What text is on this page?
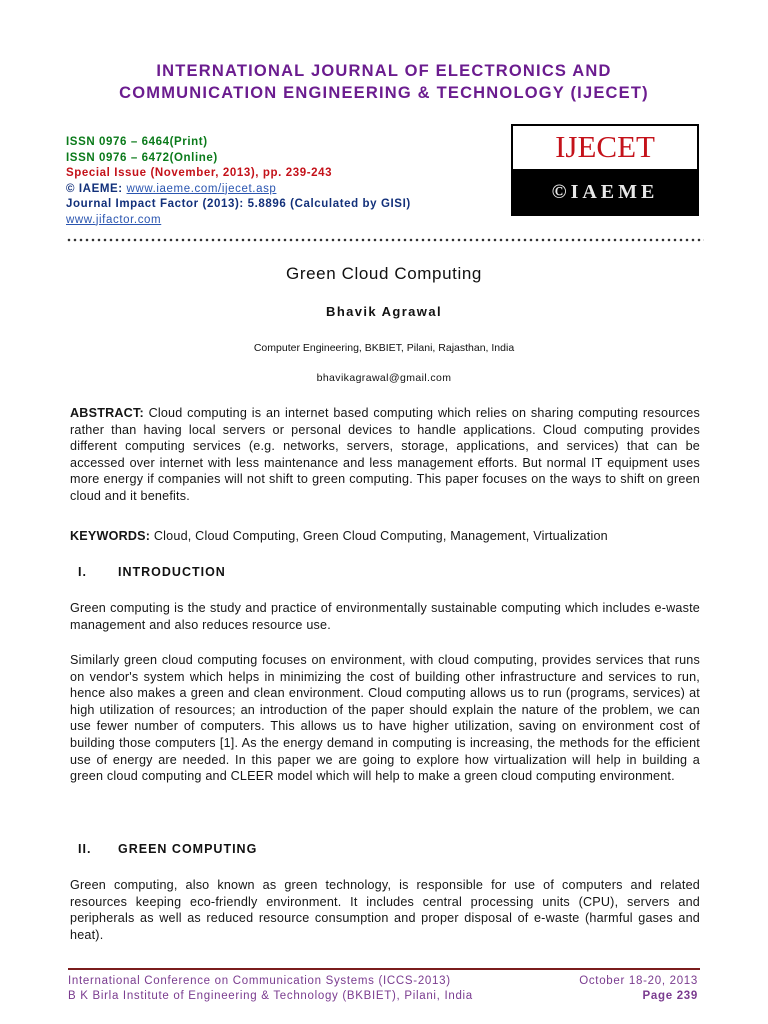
INTERNATIONAL JOURNAL OF ELECTRONICS AND
COMMUNICATION ENGINEERING & TECHNOLOGY (IJECET)
ISSN 0976 – 6464(Print)
ISSN 0976 – 6472(Online)
Special Issue (November, 2013), pp. 239-243
© IAEME: www.iaeme.com/ijecet.asp
Journal Impact Factor (2013): 5.8896 (Calculated by GISI)
www.jifactor.com
IJECET
©IAEME
Green Cloud Computing
Bhavik Agrawal
Computer Engineering, BKBIET, Pilani, Rajasthan, India
bhavikagrawal@gmail.com
ABSTRACT: Cloud computing is an internet based computing which relies on sharing computing resources rather than having local servers or personal devices to handle applications. Cloud computing provides different computing services (e.g. networks, servers, storage, applications, and services) that can be accessed over internet with less maintenance and less management efforts. But normal IT equipment uses more energy if companies will not shift to green computing. This paper focuses on the ways to shift on green cloud and it benefits.
KEYWORDS: Cloud, Cloud Computing, Green Cloud Computing, Management, Virtualization
I. INTRODUCTION
Green computing is the study and practice of environmentally sustainable computing which includes e-waste management and also reduces resource use.
Similarly green cloud computing focuses on environment, with cloud computing, provides services that runs on vendor's system which helps in minimizing the cost of building other infrastructure and services to run, hence also makes a green and clean environment. Cloud computing allows us to run (programs, services) at high utilization of resources; an introduction of the paper should explain the nature of the problem, we can use fewer number of computers. This allows us to have higher utilization, saving on environment cost of building those computers [1]. As the energy demand in computing is increasing, the methods for the efficient use of energy are needed. In this paper we are going to explore how virtualization will help in building a green cloud computing and CLEER model which will help to make a green cloud computing environment.
II. GREEN COMPUTING
Green computing, also known as green technology, is responsible for use of computers and related resources keeping eco-friendly environment. It includes central processing units (CPU), servers and peripherals as well as reduced resource consumption and proper disposal of e-waste (harmful gases and heat).
International Conference on Communication Systems (ICCS-2013)
B K Birla Institute of Engineering & Technology (BKBIET), Pilani, India
October 18-20, 2013
Page 239
